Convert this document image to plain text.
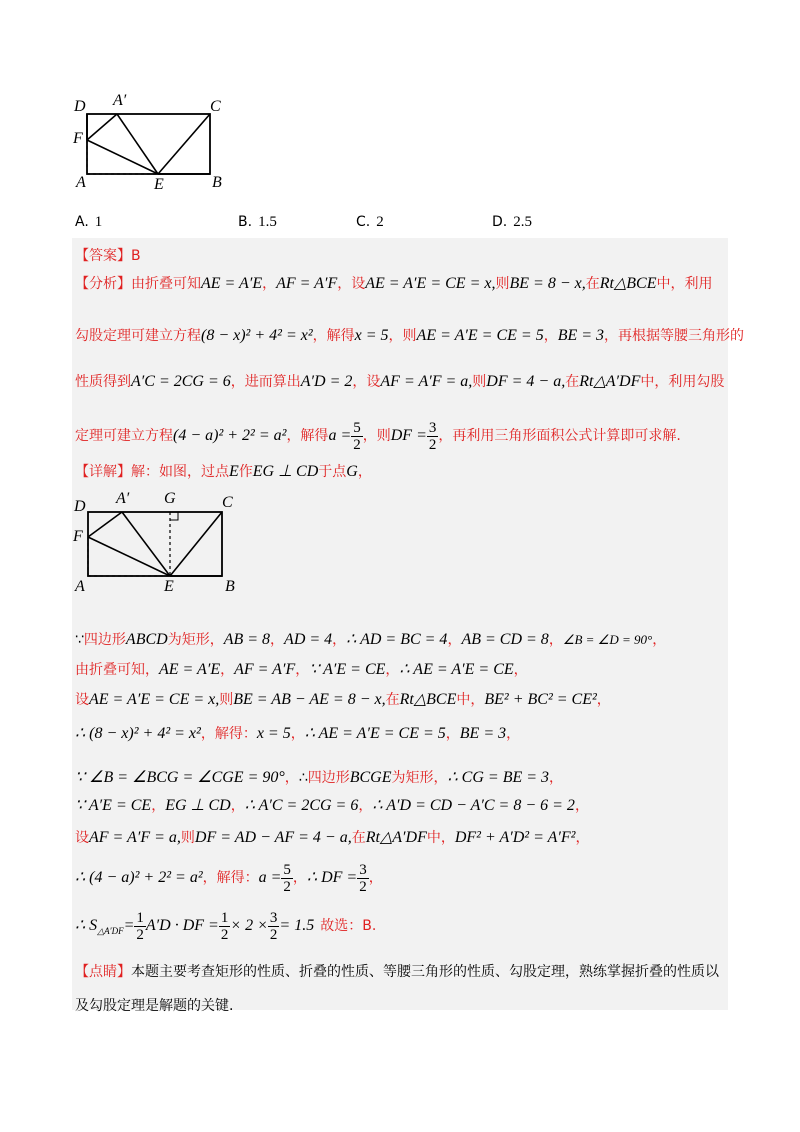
D A′	C
F
A	E	B
A. 1	B. 1.5	C. 2	D. 2.5
【答案】B
【分析】由折叠可知AE = A′E，AF = A′F，设AE = A′E = CE = x,则BE = 8 − x,在Rt△BCE中，利用
勾股定理可建立方程(8 − x)² + 4² = x²，解得x = 5，则AE = A′E = CE = 5，BE = 3，再根据等腰三角形的
性质得到A′C = 2CG = 6，进而算出A′D = 2，设AF = A′F = a,则DF = 4 − a,在Rt△A′DF中，利用勾股
定理可建立方程(4 − a)² + 2² = a²，解得$a = \frac{5}{2}$ ，则DF = $\frac{3}{2}$ ，再利用三角形面积公式计算即可求解.
【详解】解：如图，过点E作EG ⊥ CD于点G，
D A′ G	C
F
A	E	B
∵四边形ABCD为矩形，AB = 8，AD = 4，∴ AD = BC = 4，AB = CD = 8，∠B = ∠D = 90°，
由折叠可知，AE = A′E，AF = A′F，∵ A′E = CE，∴ AE = A′E = CE，
设AE = A′E = CE = x,则BE = AB − AE = 8 − x,在Rt△BCE中，BE² + BC² = CE²，
∴ (8 − x)² + 4² = x²，解得：x = 5，∴ AE = A′E = CE = 5，BE = 3，
∵ ∠B = ∠BCG = ∠CGE = 90°，∴四边形BCGE为矩形，∴ CG = BE = 3，
∵ A′E = CE，EG ⊥ CD，∴ A′C = 2CG = 6，∴ A′D = CD − A′C = 8 − 6 = 2，
设AF = A′F = a,则DF = AD − AF = 4 − a,在Rt△A′DF中，DF² + A′D² = A′F²，
∴ (4 − a)² + 2² = a²，解得：$a = \frac{5}{2}$ ，∴ DF = $\frac{3}{2}$ ，
∴ $S_{\triangle A'DF}= \frac{1}{2} A'D$ · DF = $\frac{1}{2} \times 2 \times \frac{3}{2} = 1.5$ 故选：B.
【点睛】本题主要考查矩形的性质、折叠的性质、等腰三角形的性质、勾股定理，熟练掌握折叠的性质以
及勾股定理是解题的关键.
